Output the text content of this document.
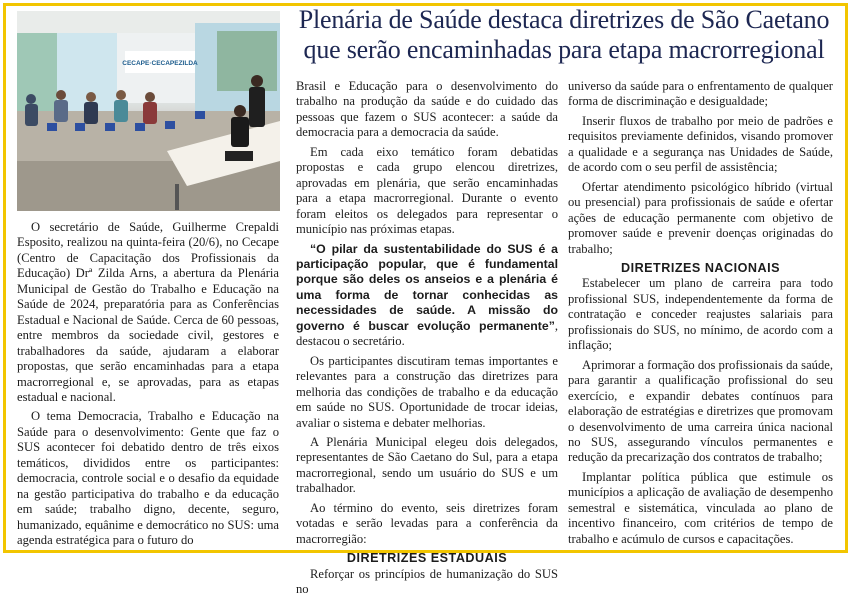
CECAPE·CECAPEZILDA
Plenária de Saúde destaca diretrizes de São Caetano
que serão encaminhadas para etapa macrorregional

O secretário de Saúde, Guilherme Crepaldi Esposito, realizou na quinta-feira (20/6), no Cecape (Centro de Capacitação dos Profissionais da Educação) Drª Zilda Arns, a abertura da Plenária Municipal de Gestão do Trabalho e Educação na Saúde de 2024, preparatória para as Conferências Estadual e Nacional de Saúde. Cerca de 60 pessoas, entre membros da sociedade civil, gestores e trabalhadores da saúde, ajudaram a elaborar propostas, que serão encaminhadas para a etapa macrorregional e, se aprovadas, para as etapas estadual e nacional.

O tema Democracia, Trabalho e Educação na Saúde para o desenvolvimento: Gente que faz o SUS acontecer foi debatido dentro de três eixos temáticos, divididos entre os participantes: democracia, controle social e o desafio da equidade na gestão participativa do trabalho e da educação em saúde; trabalho digno, decente, seguro, humanizado, equânime e democrático no SUS: uma agenda estratégica para o futuro do

Brasil e Educação para o desenvolvimento do trabalho na produção da saúde e do cuidado das pessoas que fazem o SUS acontecer: a saúde da democracia para a democracia da saúde.

Em cada eixo temático foram debatidas propostas e cada grupo elencou diretrizes, aprovadas em plenária, que serão encaminhadas para a etapa macrorregional. Durante o evento foram eleitos os delegados para representar o município nas próximas etapas.

“O pilar da sustentabilidade do SUS é a participação popular, que é fundamental porque são deles os anseios e a plenária é uma forma de tornar conhecidas as necessidades de saúde. A missão do governo é buscar evolução permanente”, destacou o secretário.

Os participantes discutiram temas importantes e relevantes para a construção das diretrizes para melhoria das condições de trabalho e da educação em saúde no SUS. Oportunidade de trocar ideias, avaliar o sistema e debater melhorias.

A Plenária Municipal elegeu dois delegados, representantes de São Caetano do Sul, para a etapa macrorregional, sendo um usuário do SUS e um trabalhador.

Ao término do evento, seis diretrizes foram votadas e serão levadas para a conferência da macrorregião:

DIRETRIZES ESTADUAIS

Reforçar os princípios de humanização do SUS no

universo da saúde para o enfrentamento de qualquer forma de discriminação e desigualdade;

Inserir fluxos de trabalho por meio de padrões e requisitos previamente definidos, visando promover a qualidade e a segurança nas Unidades de Saúde, de acordo com o seu perfil de assistência;

Ofertar atendimento psicológico híbrido (virtual ou presencial) para profissionais de saúde e ofertar ações de educação permanente com objetivo de promover saúde e prevenir doenças originadas do trabalho;

DIRETRIZES NACIONAIS

Estabelecer um plano de carreira para todo profissional SUS, independentemente da forma de contratação e conceder reajustes salariais para profissionais do SUS, no mínimo, de acordo com a inflação;

Aprimorar a formação dos profissionais da saúde, para garantir a qualificação profissional do seu exercício, e expandir debates contínuos para elaboração de estratégias e diretrizes que promovam o desenvolvimento de uma carreira única nacional no SUS, assegurando vínculos permanentes e redução da precarização dos contratos de trabalho;

Implantar política pública que estimule os municípios a aplicação de avaliação de desempenho semestral e sistemática, vinculada ao plano de incentivo financeiro, com critérios de tempo de trabalho e acúmulo de cursos e capacitações.
